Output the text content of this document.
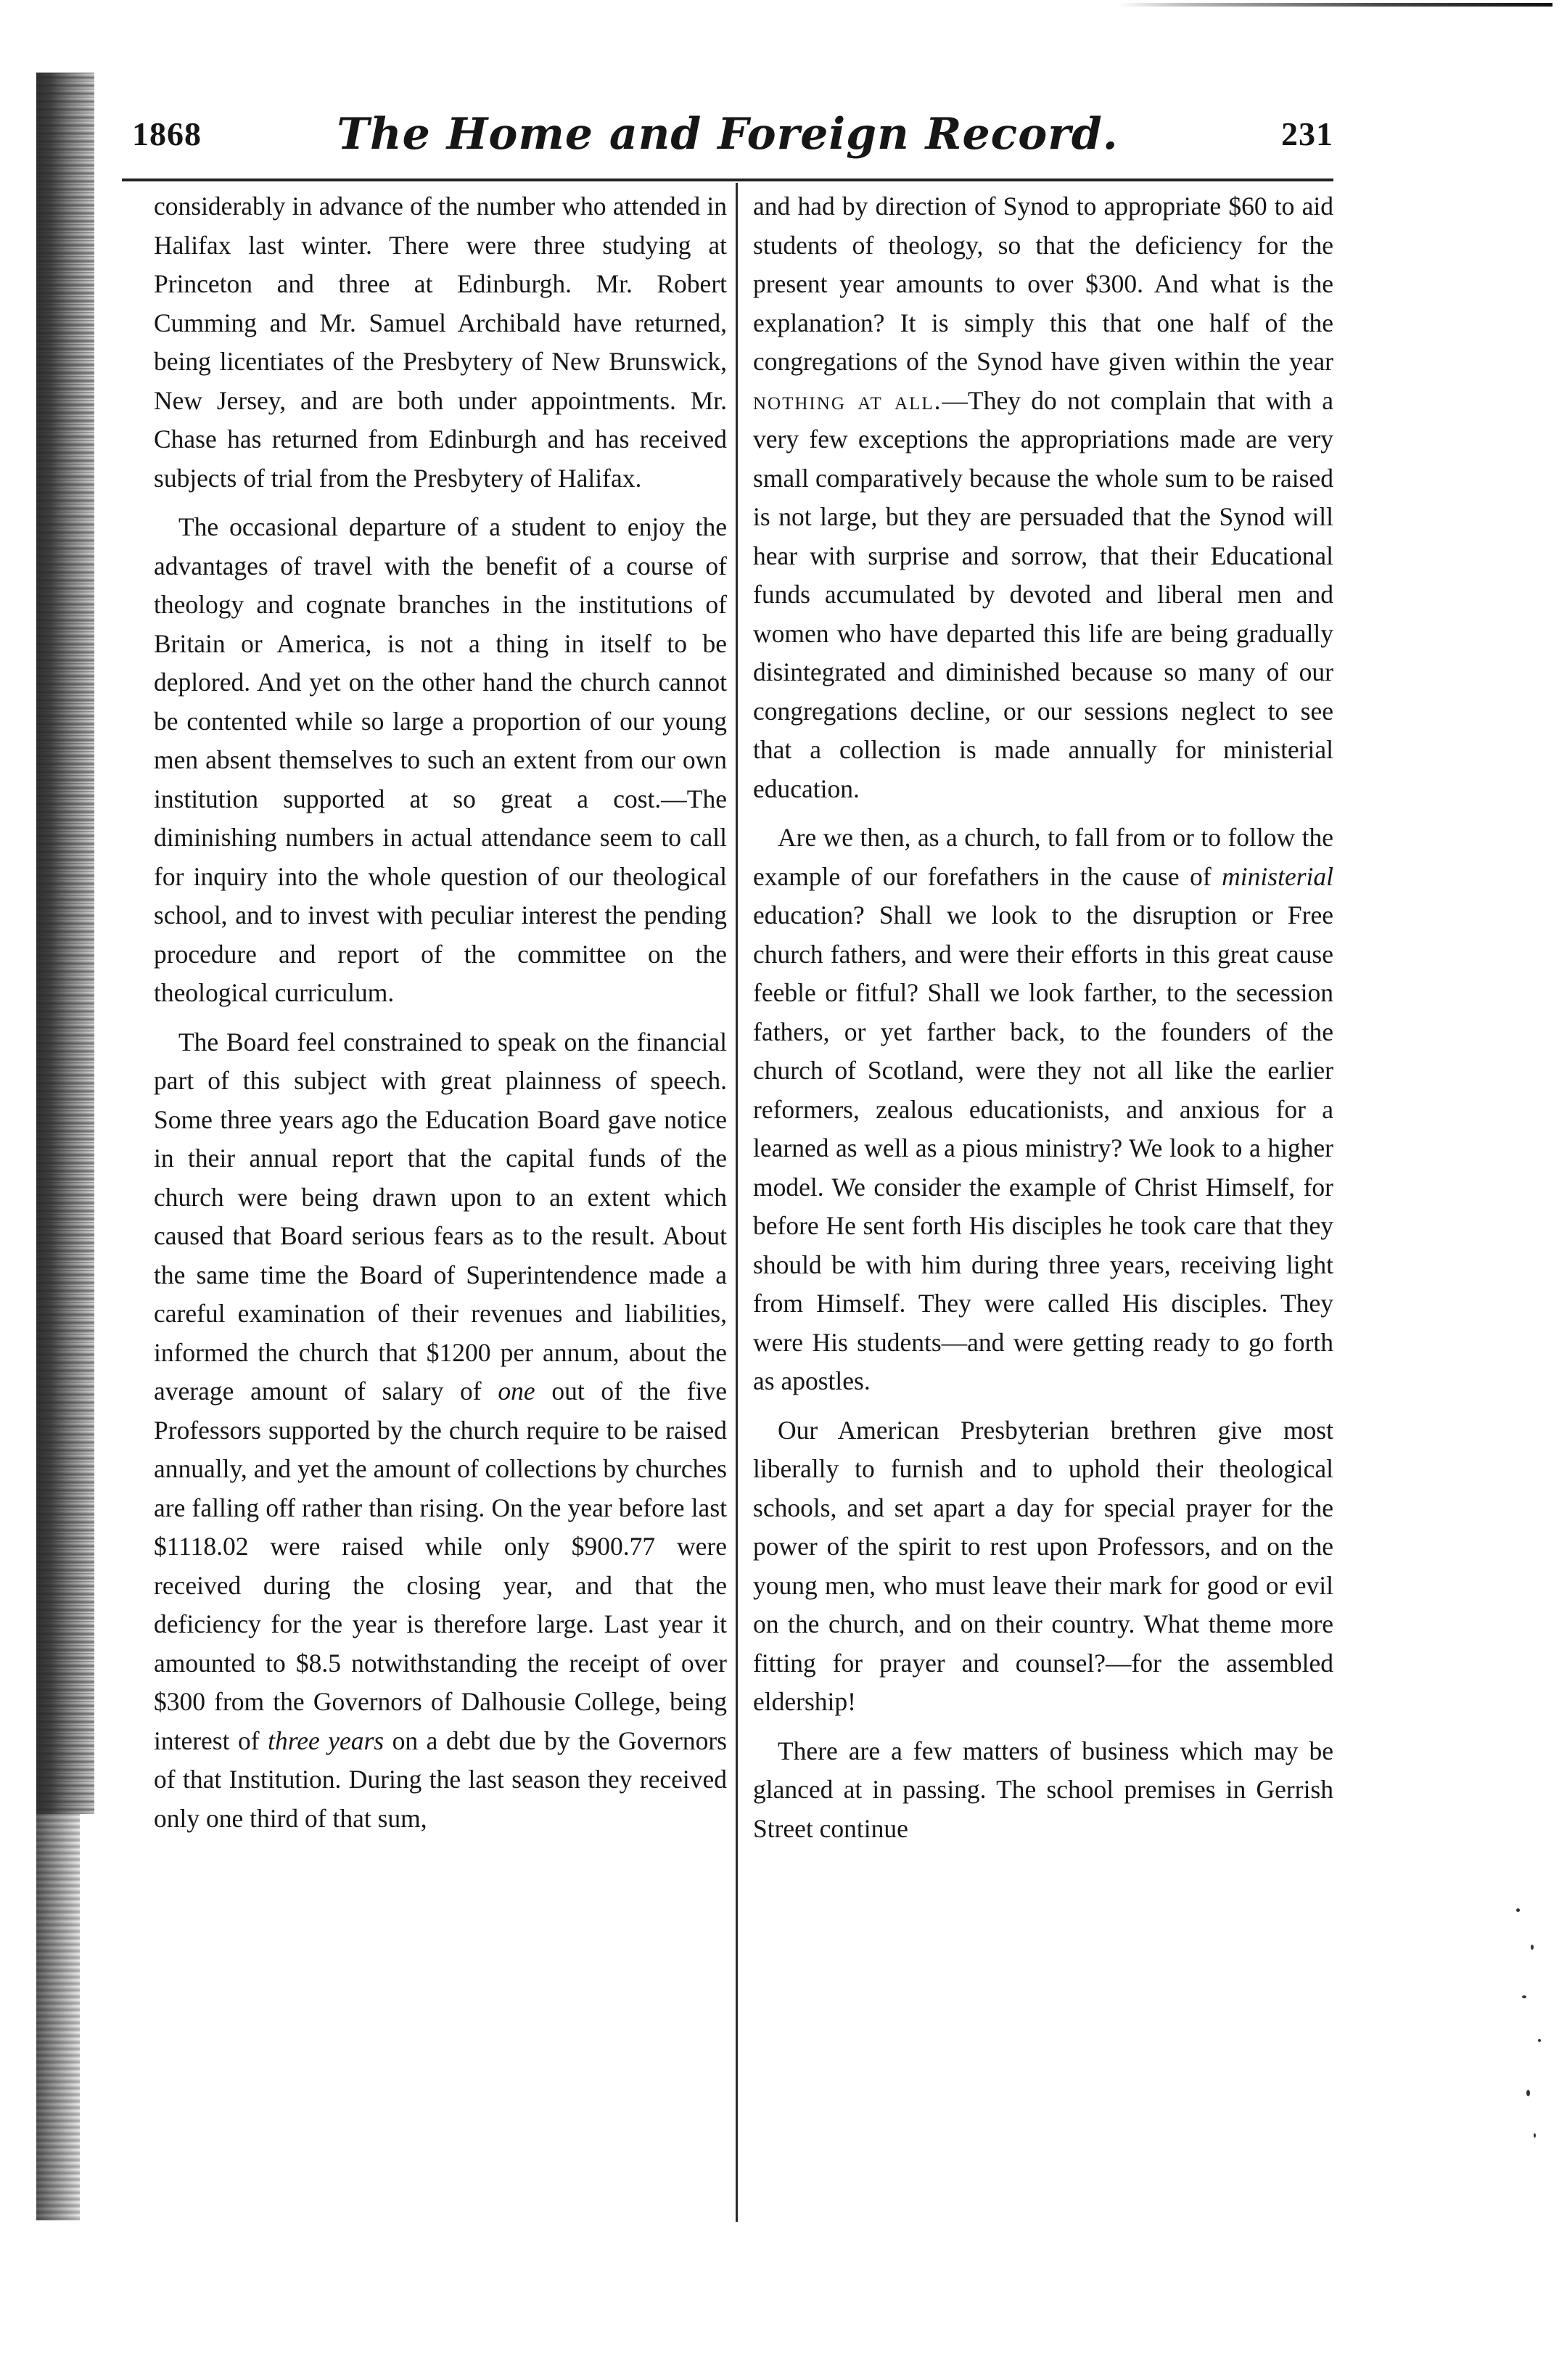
1868	The Home and Foreign Record.	231

considerably in advance of the number who attended in Halifax last winter. There were three studying at Princeton and three at Edinburgh. Mr. Robert Cumming and Mr. Samuel Archibald have returned, being licentiates of the Presbytery of New Brunswick, New Jersey, and are both under appointments. Mr. Chase has returned from Edinburgh and has received subjects of trial from the Presbytery of Halifax.

The occasional departure of a student to enjoy the advantages of travel with the benefit of a course of theology and cognate branches in the institutions of Britain or America, is not a thing in itself to be deplored. And yet on the other hand the church cannot be contented while so large a proportion of our young men absent themselves to such an extent from our own institution supported at so great a cost.—The diminishing numbers in actual attendance seem to call for inquiry into the whole question of our theological school, and to invest with peculiar interest the pending procedure and report of the committee on the theological curriculum.

The Board feel constrained to speak on the financial part of this subject with great plainness of speech. Some three years ago the Education Board gave notice in their annual report that the capital funds of the church were being drawn upon to an extent which caused that Board serious fears as to the result. About the same time the Board of Superintendence made a careful examination of their revenues and liabilities, informed the church that $1200 per annum, about the average amount of salary of one out of the five Professors supported by the church require to be raised annually, and yet the amount of collections by churches are falling off rather than rising. On the year before last $1118.02 were raised while only $900.77 were received during the closing year, and that the deficiency for the year is therefore large. Last year it amounted to $8.5 notwithstanding the receipt of over $300 from the Governors of Dalhousie College, being interest of three years on a debt due by the Governors of that Institution. During the last season they received only one third of that sum,

and had by direction of Synod to appropriate $60 to aid students of theology, so that the deficiency for the present year amounts to over $300. And what is the explanation? It is simply this that one half of the congregations of the Synod have given within the year nothing at all.—They do not complain that with a very few exceptions the appropriations made are very small comparatively because the whole sum to be raised is not large, but they are persuaded that the Synod will hear with surprise and sorrow, that their Educational funds accumulated by devoted and liberal men and women who have departed this life are being gradually disintegrated and diminished because so many of our congregations decline, or our sessions neglect to see that a collection is made annually for ministerial education.

Are we then, as a church, to fall from or to follow the example of our forefathers in the cause of ministerial education? Shall we look to the disruption or Free church fathers, and were their efforts in this great cause feeble or fitful? Shall we look farther, to the secession fathers, or yet farther back, to the founders of the church of Scotland, were they not all like the earlier reformers, zealous educationists, and anxious for a learned as well as a pious ministry? We look to a higher model. We consider the example of Christ Himself, for before He sent forth His disciples he took care that they should be with him during three years, receiving light from Himself. They were called His disciples. They were His students—and were getting ready to go forth as apostles.

Our American Presbyterian brethren give most liberally to furnish and to uphold their theological schools, and set apart a day for special prayer for the power of the spirit to rest upon Professors, and on the young men, who must leave their mark for good or evil on the church, and on their country. What theme more fitting for prayer and counsel?—for the assembled eldership!

There are a few matters of business which may be glanced at in passing. The school premises in Gerrish Street continue
